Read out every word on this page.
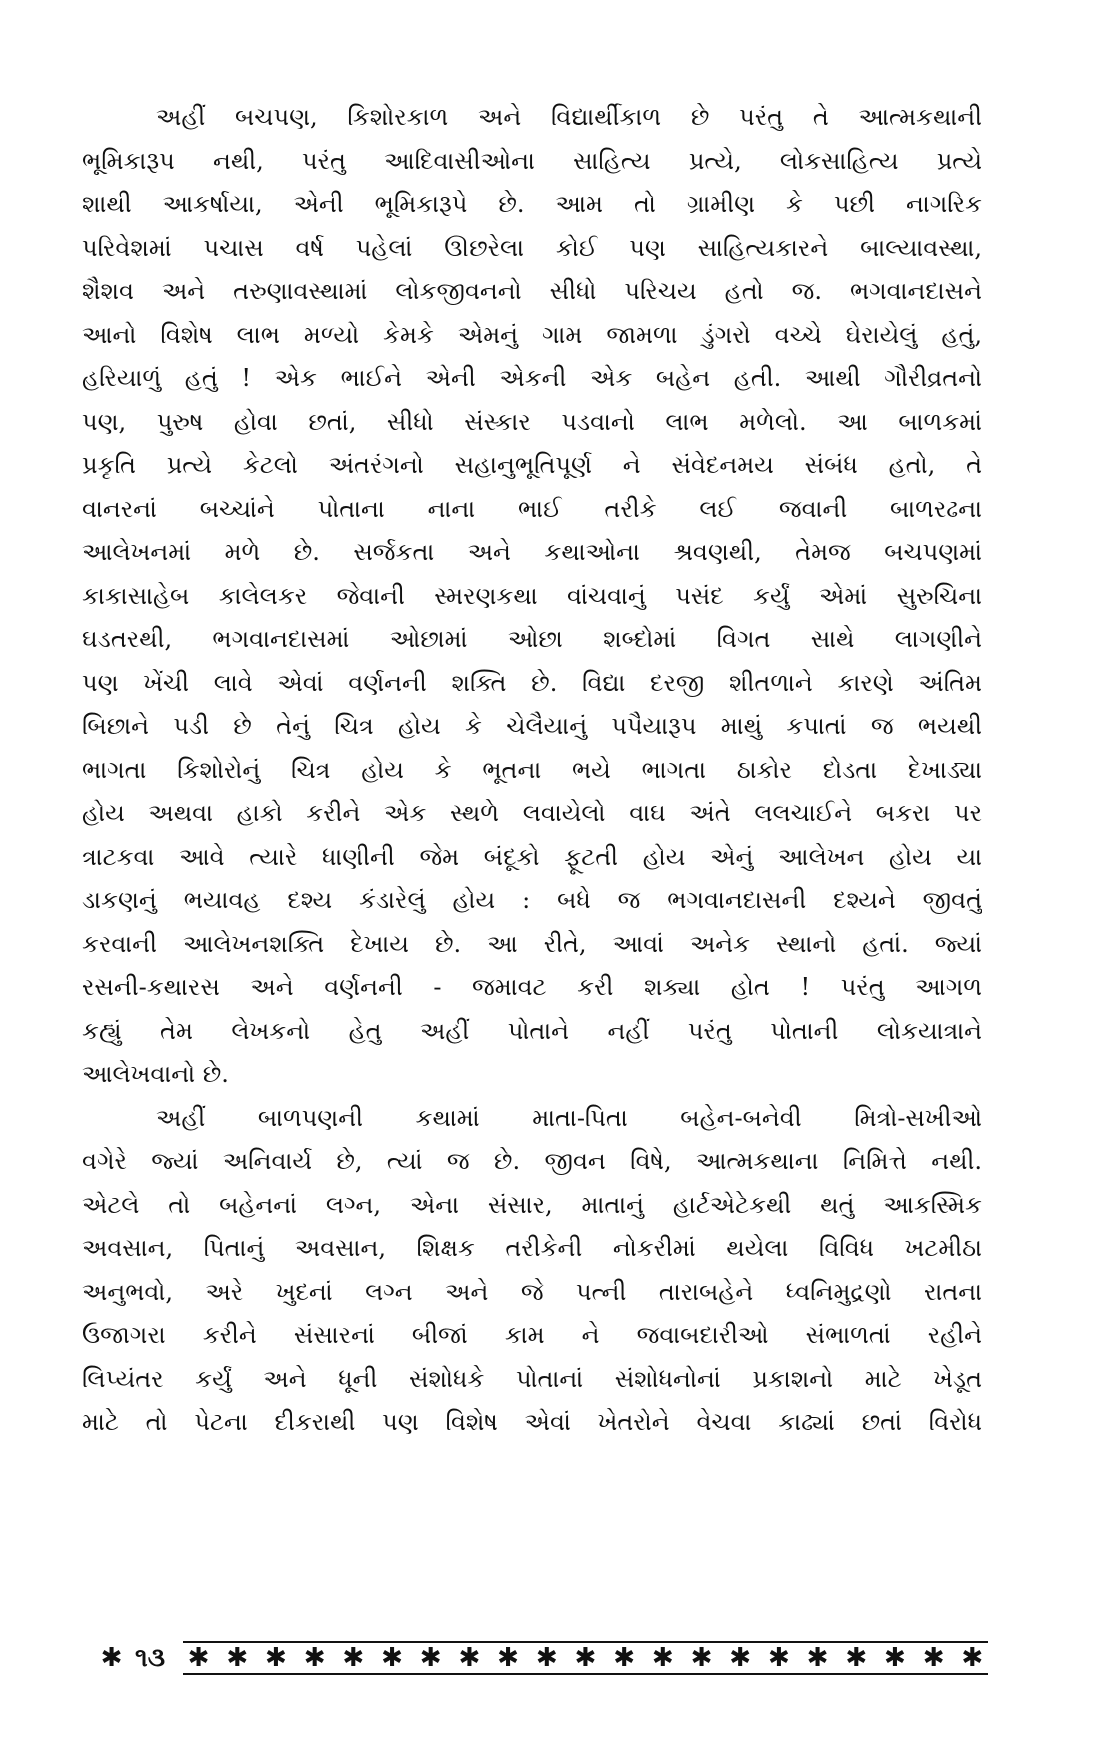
અહીં બચપણ, કિશોરકાળ અને વિદ્યાર્થીકાળ છે પરંતુ તે આત્મકથાની
ભૂમિકારૂપ નથી, પરંતુ આદિવાસીઓના સાહિત્ય પ્રત્યે, લોકસાહિત્ય પ્રત્યે
શાથી આકર્ષાયા, એની ભૂમિકારૂપે છે. આમ તો ગ્રામીણ કે પછી નાગરિક
પરિવેશમાં પચાસ વર્ષ પહેલાં ઊછરેલા કોઈ પણ સાહિત્યકારને બાલ્યાવસ્થા,
શૈશવ અને તરુણાવસ્થામાં લોકજીવનનો સીધો પરિચય હતો જ. ભગવાનદાસને
આનો વિશેષ લાભ મળ્યો કેમકે એમનું ગામ જામળા ડુંગરો વચ્ચે ઘેરાયેલું હતું,
હરિયાળું હતું ! એક ભાઈને એની એકની એક બહેન હતી. આથી ગૌરીવ્રતનો
પણ, પુરુષ હોવા છતાં, સીધો સંસ્કાર પડવાનો લાભ મળેલો. આ બાળકમાં
પ્રકૃતિ પ્રત્યે કેટલો અંતરંગનો સહાનુભૂતિપૂર્ણ ને સંવેદનમય સંબંધ હતો, તે
વાનરનાં બચ્ચાંને પોતાના નાના ભાઈ તરીકે લઈ જવાની બાળરઢના
આલેખનમાં મળે છે. સર્જકતા અને કથાઓના શ્રવણથી, તેમજ બચપણમાં
કાકાસાહેબ કાલેલકર જેવાની સ્મરણકથા વાંચવાનું પસંદ કર્યું એમાં સુરુચિના
ઘડતરથી, ભગવાનદાસમાં ઓછામાં ઓછા શબ્દોમાં વિગત સાથે લાગણીને
પણ ખેંચી લાવે એવાં વર્ણનની શક્તિ છે. વિદ્યા દરજી શીતળાને કારણે અંતિમ
બિછાને પડી છે તેનું ચિત્ર હોય કે ચેલૈયાનું પપૈયારૂપ માથું કપાતાં જ ભયથી
ભાગતા કિશોરોનું ચિત્ર હોય કે ભૂતના ભયે ભાગતા ઠાકોર દોડતા દેખાડ્યા
હોય અથવા હાકો કરીને એક સ્થળે લવાયેલો વાઘ અંતે લલચાઈને બકરા પર
ત્રાટકવા આવે ત્યારે ધાણીની જેમ બંદૂકો ફૂટતી હોય એનું આલેખન હોય યા
ડાકણનું ભયાવહ દશ્ય કંડારેલું હોય : બધે જ ભગવાનદાસની દશ્યને જીવતું
કરવાની આલેખનશક્તિ દેખાય છે. આ રીતે, આવાં અનેક સ્થાનો હતાં. જ્યાં
રસની-કથારસ અને વર્ણનની - જમાવટ કરી શક્યા હોત ! પરંતુ આગળ
કહ્યું તેમ લેખકનો હેતુ અહીં પોતાને નહીં પરંતુ પોતાની લોકયાત્રાને
આલેખવાનો છે.
અહીં બાળપણની કથામાં માતા-પિતા બહેન-બનેવી મિત્રો-સખીઓ
વગેરે જ્યાં અનિવાર્ય છે, ત્યાં જ છે. જીવન વિષે, આત્મકથાના નિમિત્તે નથી.
એટલે તો બહેનનાં લગ્ન, એના સંસાર, માતાનું હાર્ટએટેકથી થતું આકસ્મિક
અવસાન, પિતાનું અવસાન, શિક્ષક તરીકેની નોકરીમાં થયેલા વિવિધ ખટમીઠા
અનુભવો, અરે ખુદનાં લગ્ન અને જે પત્ની તારાબહેને ધ્વનિમુદ્રણો રાતના
ઉજાગરા કરીને સંસારનાં બીજાં કામ ને જવાબદારીઓ સંભાળતાં રહીને
લિપ્યંતર કર્યું અને ધૂની સંશોધકે પોતાનાં સંશોધનોનાં પ્રકાશનો માટે ખેડૂત
માટે તો પેટના દીકરાથી પણ વિશેષ એવાં ખેતરોને વેચવા કાઢ્યાં છતાં વિરોધ
✱ ૧૩ ✱ ✱ ✱ ✱ ✱ ✱ ✱ ✱ ✱ ✱ ✱ ✱ ✱ ✱ ✱ ✱ ✱ ✱ ✱ ✱ ✱
